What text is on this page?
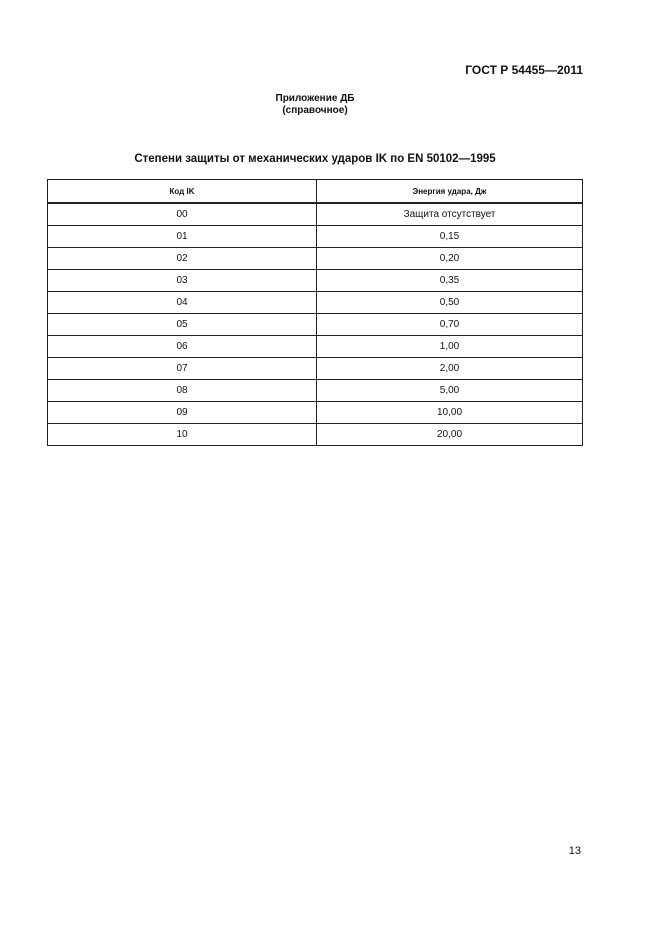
ГОСТ Р 54455—2011
Приложение ДБ
(справочное)
Степени защиты от механических ударов IK по EN 50102—1995
Код IK	Энергия удара, Дж
00	Защита отсутствует
01	0,15
02	0,20
03	0,35
04	0,50
05	0,70
06	1,00
07	2,00
08	5,00
09	10,00
10	20,00
13
